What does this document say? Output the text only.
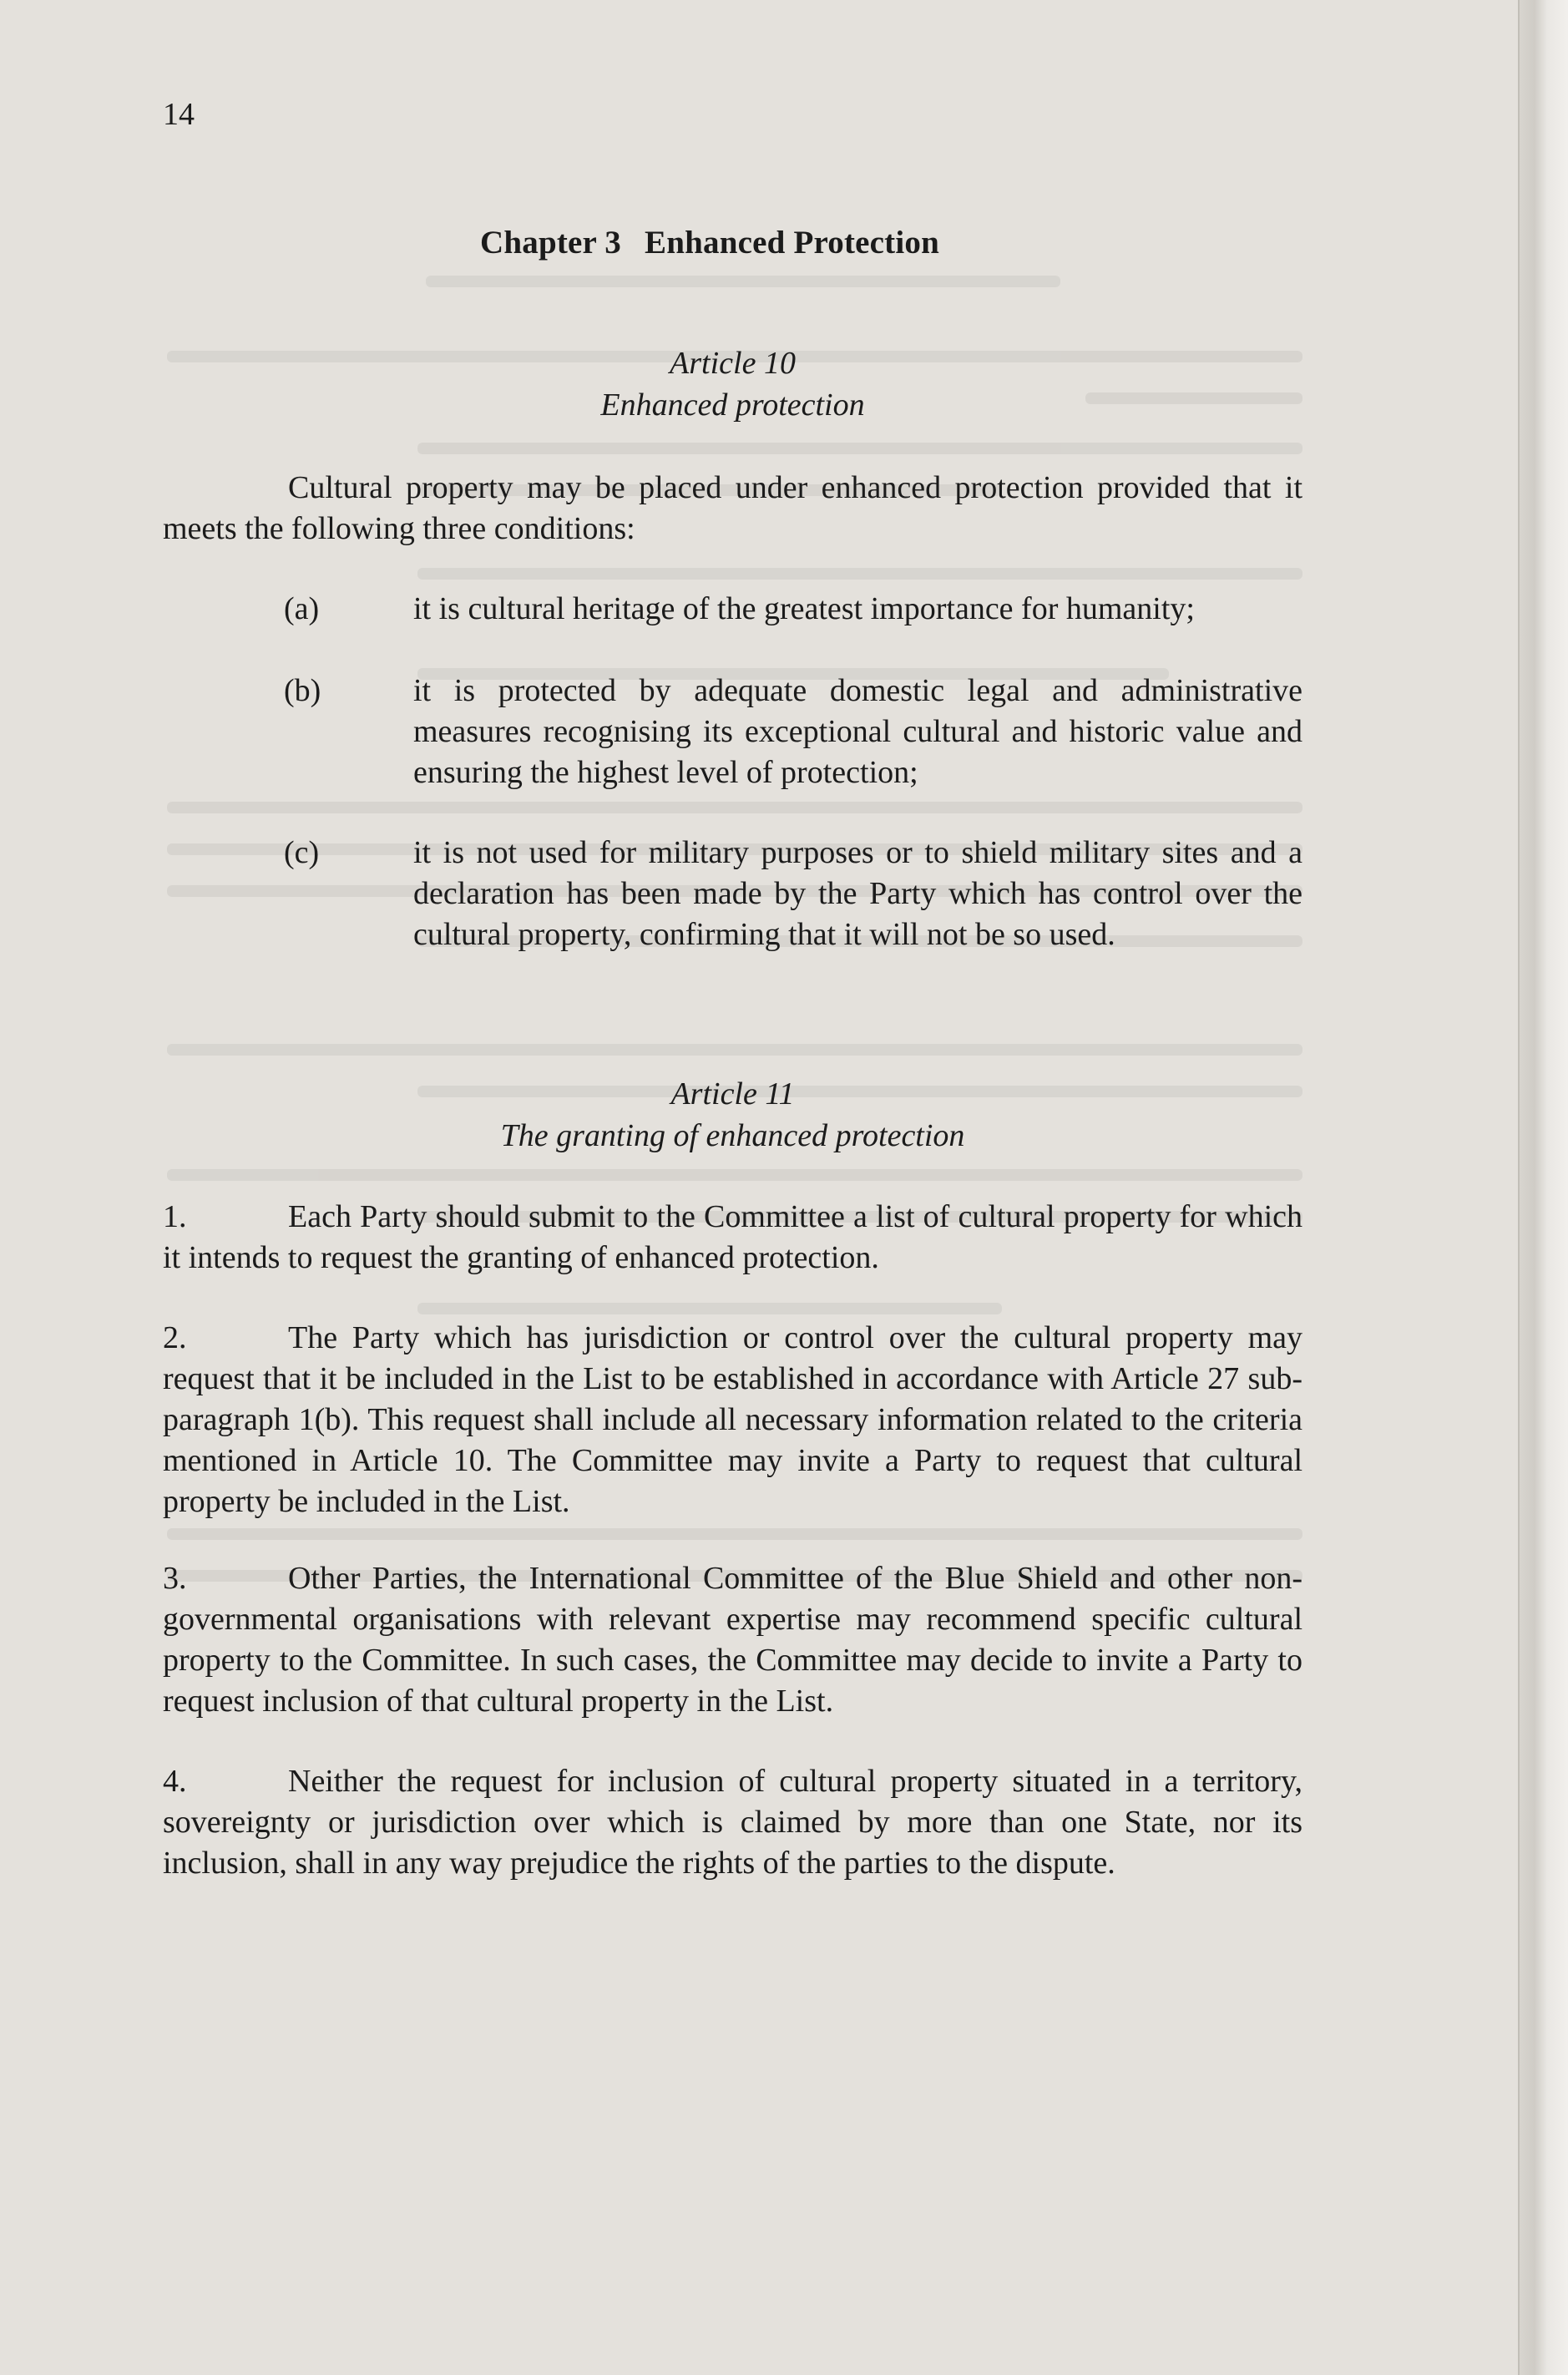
14
Chapter 3 Enhanced Protection
Article 10
Enhanced protection

Cultural property may be placed under enhanced protection provided that it meets the following three conditions:

(a)	it is cultural heritage of the greatest importance for humanity;
(b)	it is protected by adequate domestic legal and administrative measures recognising its exceptional cultural and historic value and ensuring the highest level of protection;
(c)	it is not used for military purposes or to shield military sites and a declaration has been made by the Party which has control over the cultural property, confirming that it will not be so used.
Article 11
The granting of enhanced protection

1.	Each Party should submit to the Committee a list of cultural property for which it intends to request the granting of enhanced protection.

2.	The Party which has jurisdiction or control over the cultural property may request that it be included in the List to be established in accordance with Article 27 sub-paragraph 1(b). This request shall include all necessary information related to the criteria mentioned in Article 10. The Committee may invite a Party to request that cultural property be included in the List.

3.	Other Parties, the International Committee of the Blue Shield and other non-governmental organisations with relevant expertise may recommend specific cultural property to the Committee. In such cases, the Committee may decide to invite a Party to request inclusion of that cultural property in the List.

4.	Neither the request for inclusion of cultural property situated in a territory, sovereignty or jurisdiction over which is claimed by more than one State, nor its inclusion, shall in any way prejudice the rights of the parties to the dispute.
